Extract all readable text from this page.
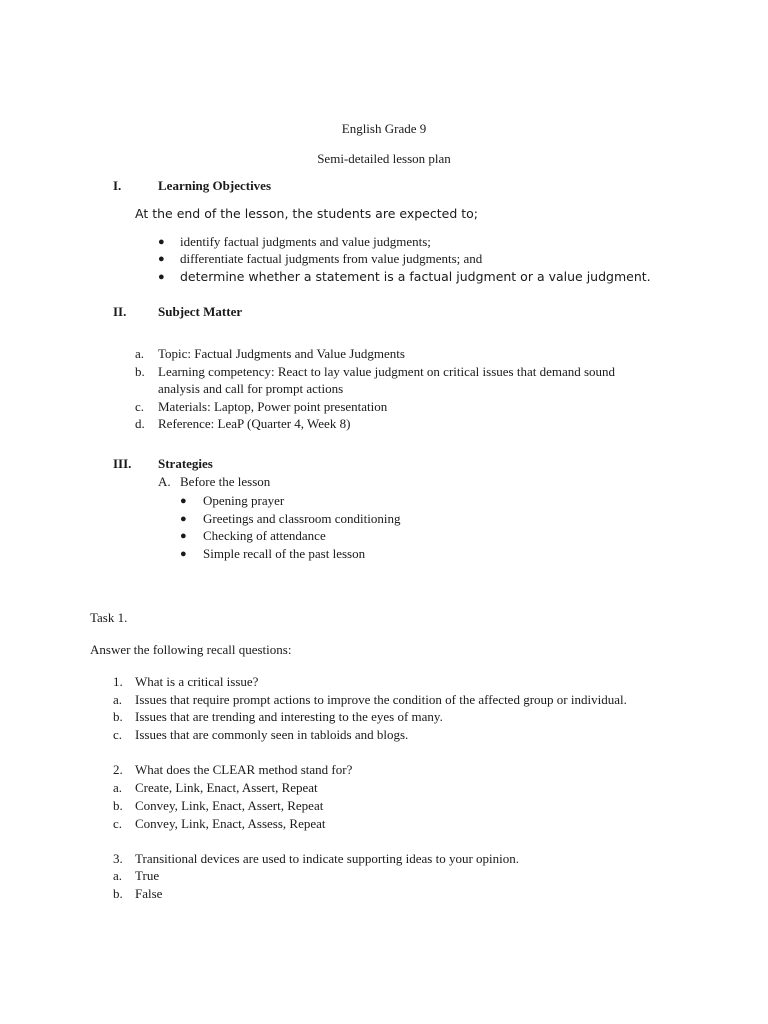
English Grade 9
Semi-detailed lesson plan
I.	Learning Objectives
At the end of the lesson, the students are expected to;
● identify factual judgments and value judgments;
● differentiate factual judgments from value judgments; and
● determine whether a statement is a factual judgment or a value judgment.
II. Subject Matter
a. Topic: Factual Judgments and Value Judgments
b. Learning competency: React to lay value judgment on critical issues that demand sound
analysis and call for prompt actions
c. Materials: Laptop, Power point presentation
d. Reference: LeaP (Quarter 4, Week 8)
III. Strategies
A. Before the lesson
● Opening prayer
● Greetings and classroom conditioning
● Checking of attendance
● Simple recall of the past lesson
Task 1.
Answer the following recall questions:
1. What is a critical issue?
a. Issues that require prompt actions to improve the condition of the affected group or individual.
b. Issues that are trending and interesting to the eyes of many.
c. Issues that are commonly seen in tabloids and blogs.
2. What does the CLEAR method stand for?
a. Create, Link, Enact, Assert, Repeat
b. Convey, Link, Enact, Assert, Repeat
c. Convey, Link, Enact, Assess, Repeat
3. Transitional devices are used to indicate supporting ideas to your opinion.
a. True
b. False
